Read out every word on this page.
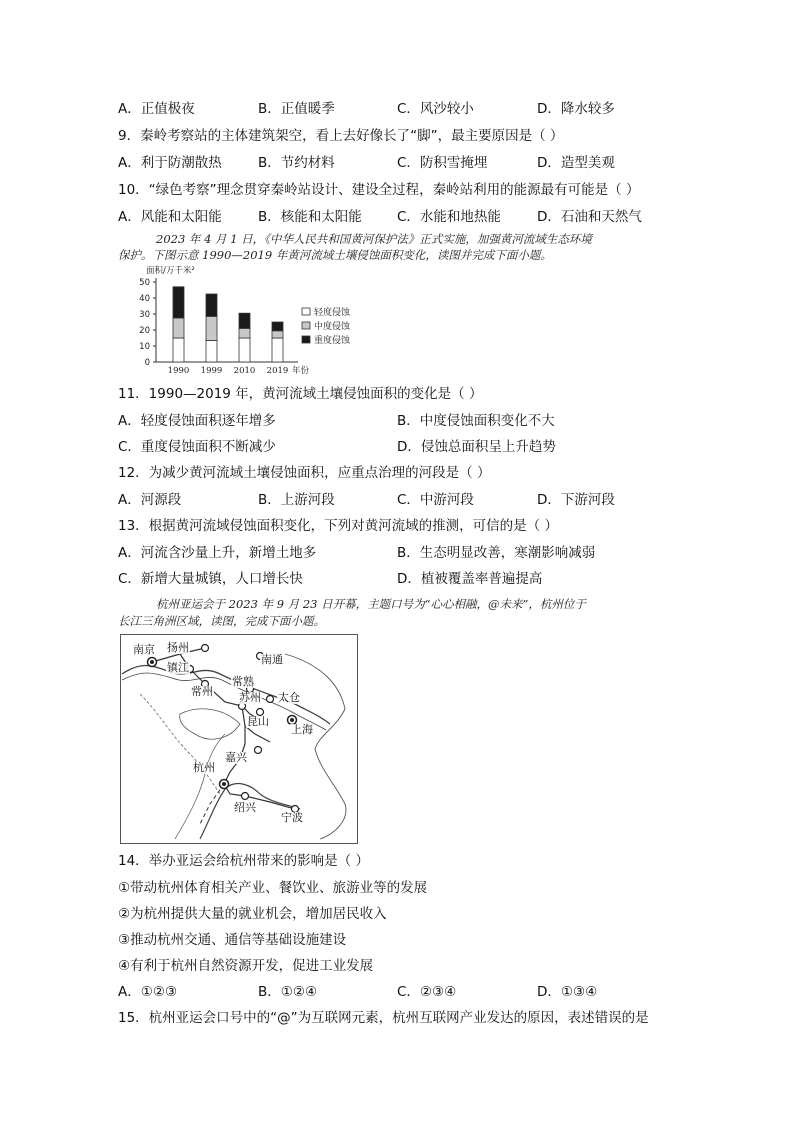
A．正值极夜	B．正值暖季	C．风沙较小	D．降水较多
9．秦岭考察站的主体建筑架空，看上去好像长了“脚”，最主要原因是（ ）
A．利于防潮散热	B．节约材料	C．防积雪掩埋	D．造型美观
10．“绿色考察”理念贯穿秦岭站设计、建设全过程，秦岭站利用的能源最有可能是（ ）
A．风能和太阳能	B．核能和太阳能	C．水能和地热能	D．石油和天然气
2023 年 4 月 1 日，《中华人民共和国黄河保护法》正式实施，加强黄河流域生态环境
保护。下图示意 1990—2019 年黄河流域土壤侵蚀面积变化，读图并完成下面小题。
面积/万千米²
0
10
20
30
40
50
1990 1999 2010 2019 年份
轻度侵蚀
中度侵蚀
重度侵蚀
11．1990—2019 年，黄河流域土壤侵蚀面积的变化是（ ）
A．轻度侵蚀面积逐年增多	B．中度侵蚀面积变化不大
C．重度侵蚀面积不断减少	D．侵蚀总面积呈上升趋势
12．为减少黄河流域土壤侵蚀面积，应重点治理的河段是（ ）
A．河源段	B．上游河段	C．中游河段	D．下游河段
13．根据黄河流域侵蚀面积变化，下列对黄河流域的推测，可信的是（ ）
A．河流含沙量上升，新增土地多	B．生态明显改善，寒潮影响减弱
C．新增大量城镇，人口增长快	D．植被覆盖率普遍提高
杭州亚运会于 2023 年 9 月 23 日开幕，主题口号为“心心相融，@未来”，杭州位于
长江三角洲区域，读图，完成下面小题。
南京 扬州
镇江
南通
常熟
常州 苏州 太仓
昆山
上海
嘉兴
杭州
绍兴
宁波
14．举办亚运会给杭州带来的影响是（ ）
①带动杭州体育相关产业、餐饮业、旅游业等的发展
②为杭州提供大量的就业机会，增加居民收入
③推动杭州交通、通信等基础设施建设
④有利于杭州自然资源开发，促进工业发展
A．①②③	B．①②④	C．②③④	D．①③④
15．杭州亚运会口号中的“@”为互联网元素，杭州互联网产业发达的原因，表述错误的是
